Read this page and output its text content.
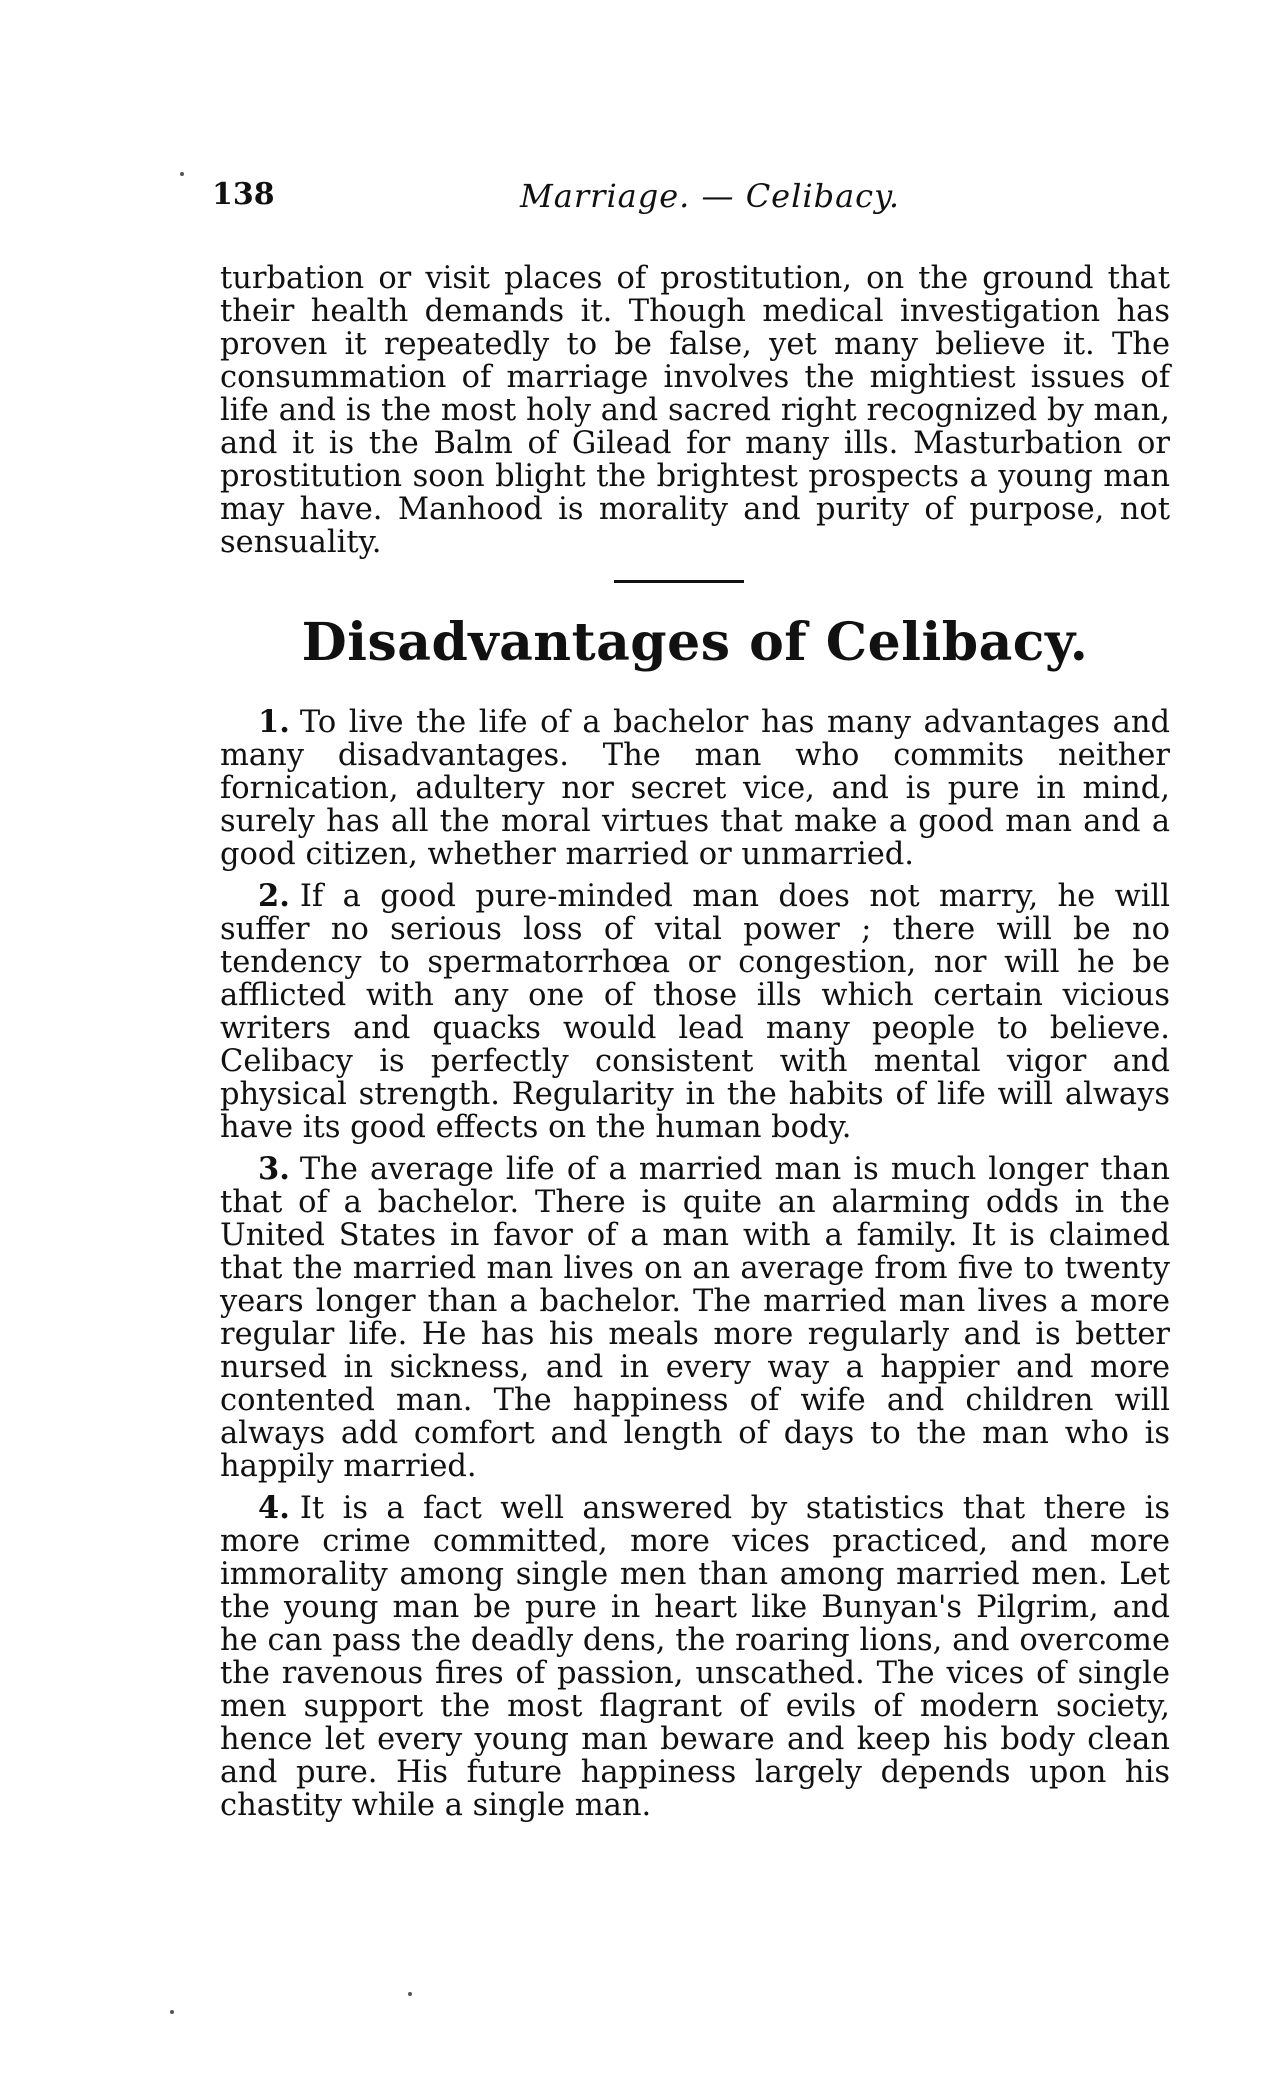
138	Marriage. — Celibacy.

turbation or visit places of prostitution, on the ground that their health demands it. Though medical investigation has proven it repeatedly to be false, yet many believe it. The consummation of marriage involves the mightiest issues of life and is the most holy and sacred right recognized by man, and it is the Balm of Gilead for many ills. Masturbation or prostitution soon blight the brightest prospects a young man may have. Manhood is morality and purity of purpose, not sensuality.

Disadvantages of Celibacy.
1. To live the life of a bachelor has many advantages and many disadvantages. The man who commits neither fornication, adultery nor secret vice, and is pure in mind, surely has all the moral virtues that make a good man and a good citizen, whether married or unmarried.
2. If a good pure-minded man does not marry, he will suffer no serious loss of vital power ; there will be no tendency to spermatorrhœa or congestion, nor will he be afflicted with any one of those ills which certain vicious writers and quacks would lead many people to believe. Celibacy is perfectly consistent with mental vigor and physical strength. Regularity in the habits of life will always have its good effects on the human body.
3. The average life of a married man is much longer than that of a bachelor. There is quite an alarming odds in the United States in favor of a man with a family. It is claimed that the married man lives on an average from five to twenty years longer than a bachelor. The married man lives a more regular life. He has his meals more regularly and is better nursed in sickness, and in every way a happier and more contented man. The happiness of wife and children will always add comfort and length of days to the man who is happily married.
4. It is a fact well answered by statistics that there is more crime committed, more vices practiced, and more immorality among single men than among married men. Let the young man be pure in heart like Bunyan's Pilgrim, and he can pass the deadly dens, the roaring lions, and overcome the ravenous fires of passion, unscathed. The vices of single men support the most flagrant of evils of modern society, hence let every young man beware and keep his body clean and pure. His future happiness largely depends upon his chastity while a single man.
